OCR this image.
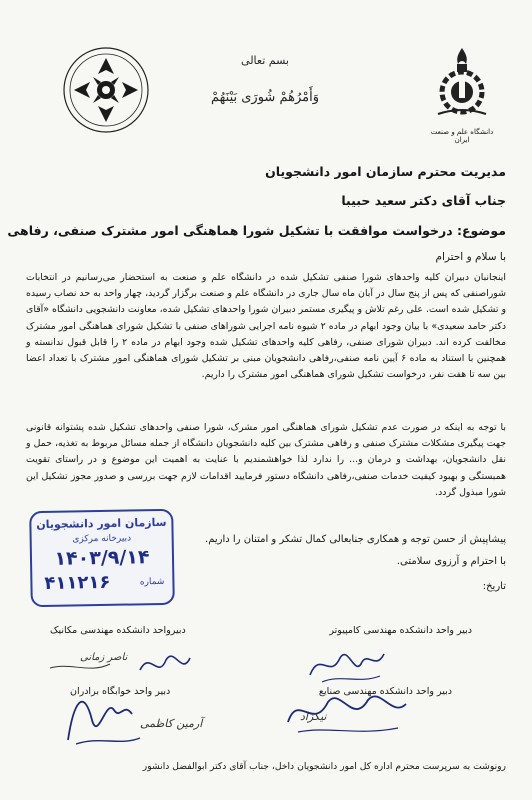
دانشگاه علم و صنعت ایران
بسم تعالی
وَأَمْرُهُمْ شُورَى بَيْنَهُمْ
مدیریت محترم سازمان امور دانشجویان
جناب آقای دکتر سعید حبیبا
موضوع: درخواست موافقت با تشکیل شورا هماهنگی امور مشترک صنفی، رفاهی
با سلام و احترام
اینجانبان دبیران کلیه واحدهای شورا صنفی تشکیل شده در دانشگاه علم و صنعت به استحضار می‌رسانیم در انتخابات شورا‌صنفی که پس از پنج سال در آبان ماه سال جاری در دانشگاه علم و صنعت برگزار گردید، چهار واحد به حد نصاب رسیده و تشکیل شده است. علی رغم تلاش و پیگیری مستمر دبیران شورا واحدهای تشکیل شده، معاونت دانشجویی دانشگاه «آقای دکتر حامد سعیدی» با بیان وجود ابهام در ماده ۲ شیوه نامه اجرایی شوراهای صنفی با تشکیل شورای هماهنگی امور مشترک مخالفت کرده اند. دبیران شورای صنفی، رفاهی کلیه واحدهای تشکیل شده وجود ابهام در ماده ۲ را قابل قبول ندانسته و همچنین با استناد به ماده ۶ آیین نامه صنفی،رفاهی دانشجویان مبنی بر تشکیل شورای هماهنگی امور مشترک با تعداد اعضا بین سه تا هفت نفر، درخواست تشکیل شورای هماهنگی امور مشترک را داریم.
با توجه به اینکه در صورت عدم تشکیل شورای هماهنگی امور مشرک، شورا صنفی واحدهای تشکیل شده پشتوانه قانونی جهت پیگیری مشکلات مشترک صنفی و رفاهی مشترک بین کلیه دانشجویان دانشگاه از جمله مسائل مربوط به تغذیه، حمل و نقل دانشجویان، بهداشت و درمان و... را ندارد لذا خواهشمندیم با عنایت به اهمیت این موضوع و در راستای تقویت همبستگی و بهبود کیفیت خدمات صنفی،رفاهی دانشگاه دستور فرمایید اقدامات لازم جهت بررسی و صدور مجوز تشکیل این شورا مبذول گردد.
پیشاپیش از حسن توجه و همکاری جنابعالی کمال تشکر و امتنان را داریم.
با احترام و آرزوی سلامتی.
تاریخ:
سازمان امور دانشجویان
دبیرخانه مرکزی
۱۴۰۳/۹/۱۴
۴۱۱۲۱۶	شماره
دبیر واحد دانشکده مهندسی کامپیوتر
دبیرواحد دانشکده مهندسی مکانیک
دبیر واحد دانشکده مهندسی صنایع
دبیر واحد خوابگاه برادران
ناصر زمانی
نیکزاد
آرمین کاظمی
رونوشت به سرپرست محترم اداره کل امور دانشجویان داخل، جناب آقای دکتر ابوالفضل دانشور
